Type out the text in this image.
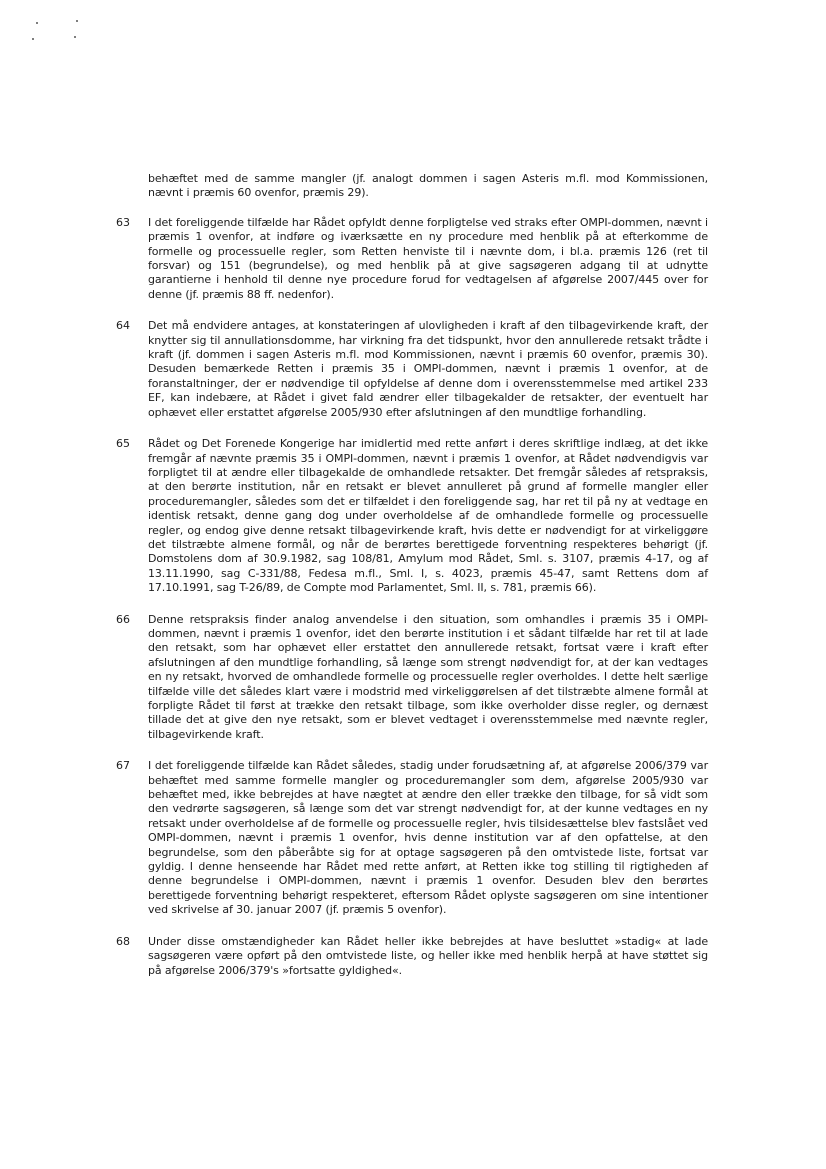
behæftet med de samme mangler (jf. analogt dommen i sagen Asteris m.fl. mod Kommissionen, nævnt i præmis 60 ovenfor, præmis 29).
63	I det foreliggende tilfælde har Rådet opfyldt denne forpligtelse ved straks efter OMPI-dommen, nævnt i præmis 1 ovenfor, at indføre og iværksætte en ny procedure med henblik på at efterkomme de formelle og processuelle regler, som Retten henviste til i nævnte dom, i bl.a. præmis 126 (ret til forsvar) og 151 (begrundelse), og med henblik på at give sagsøgeren adgang til at udnytte garantierne i henhold til denne nye procedure forud for vedtagelsen af afgørelse 2007/445 over for denne (jf. præmis 88 ff. nedenfor).
64	Det må endvidere antages, at konstateringen af ulovligheden i kraft af den tilbagevirkende kraft, der knytter sig til annullationsdomme, har virkning fra det tidspunkt, hvor den annullerede retsakt trådte i kraft (jf. dommen i sagen Asteris m.fl. mod Kommissionen, nævnt i præmis 60 ovenfor, præmis 30). Desuden bemærkede Retten i præmis 35 i OMPI-dommen, nævnt i præmis 1 ovenfor, at de foranstaltninger, der er nødvendige til opfyldelse af denne dom i overensstemmelse med artikel 233 EF, kan indebære, at Rådet i givet fald ændrer eller tilbagekalder de retsakter, der eventuelt har ophævet eller erstattet afgørelse 2005/930 efter afslutningen af den mundtlige forhandling.
65	Rådet og Det Forenede Kongerige har imidlertid med rette anført i deres skriftlige indlæg, at det ikke fremgår af nævnte præmis 35 i OMPI-dommen, nævnt i præmis 1 ovenfor, at Rådet nødvendigvis var forpligtet til at ændre eller tilbagekalde de omhandlede retsakter. Det fremgår således af retspraksis, at den berørte institution, når en retsakt er blevet annulleret på grund af formelle mangler eller proceduremangler, således som det er tilfældet i den foreliggende sag, har ret til på ny at vedtage en identisk retsakt, denne gang dog under overholdelse af de omhandlede formelle og processuelle regler, og endog give denne retsakt tilbagevirkende kraft, hvis dette er nødvendigt for at virkeliggøre det tilstræbte almene formål, og når de berørtes berettigede forventning respekteres behørigt (jf. Domstolens dom af 30.9.1982, sag 108/81, Amylum mod Rådet, Sml. s. 3107, præmis 4-17, og af 13.11.1990, sag C-331/88, Fedesa m.fl., Sml. I, s. 4023, præmis 45-47, samt Rettens dom af 17.10.1991, sag T-26/89, de Compte mod Parlamentet, Sml. II, s. 781, præmis 66).
66	Denne retspraksis finder analog anvendelse i den situation, som omhandles i præmis 35 i OMPI-dommen, nævnt i præmis 1 ovenfor, idet den berørte institution i et sådant tilfælde har ret til at lade den retsakt, som har ophævet eller erstattet den annullerede retsakt, fortsat være i kraft efter afslutningen af den mundtlige forhandling, så længe som strengt nødvendigt for, at der kan vedtages en ny retsakt, hvorved de omhandlede formelle og processuelle regler overholdes. I dette helt særlige tilfælde ville det således klart være i modstrid med virkeliggørelsen af det tilstræbte almene formål at forpligte Rådet til først at trække den retsakt tilbage, som ikke overholder disse regler, og dernæst tillade det at give den nye retsakt, som er blevet vedtaget i overensstemmelse med nævnte regler, tilbagevirkende kraft.
67	I det foreliggende tilfælde kan Rådet således, stadig under forudsætning af, at afgørelse 2006/379 var behæftet med samme formelle mangler og proceduremangler som dem, afgørelse 2005/930 var behæftet med, ikke bebrejdes at have nægtet at ændre den eller trække den tilbage, for så vidt som den vedrørte sagsøgeren, så længe som det var strengt nødvendigt for, at der kunne vedtages en ny retsakt under overholdelse af de formelle og processuelle regler, hvis tilsidesættelse blev fastslået ved OMPI-dommen, nævnt i præmis 1 ovenfor, hvis denne institution var af den opfattelse, at den begrundelse, som den påberåbte sig for at optage sagsøgeren på den omtvistede liste, fortsat var gyldig. I denne henseende har Rådet med rette anført, at Retten ikke tog stilling til rigtigheden af denne begrundelse i OMPI-dommen, nævnt i præmis 1 ovenfor. Desuden blev den berørtes berettigede forventning behørigt respekteret, eftersom Rådet oplyste sagsøgeren om sine intentioner ved skrivelse af 30. januar 2007 (jf. præmis 5 ovenfor).
68	Under disse omstændigheder kan Rådet heller ikke bebrejdes at have besluttet »stadig« at lade sagsøgeren være opført på den omtvistede liste, og heller ikke med henblik herpå at have støttet sig på afgørelse 2006/379's »fortsatte gyldighed«.
